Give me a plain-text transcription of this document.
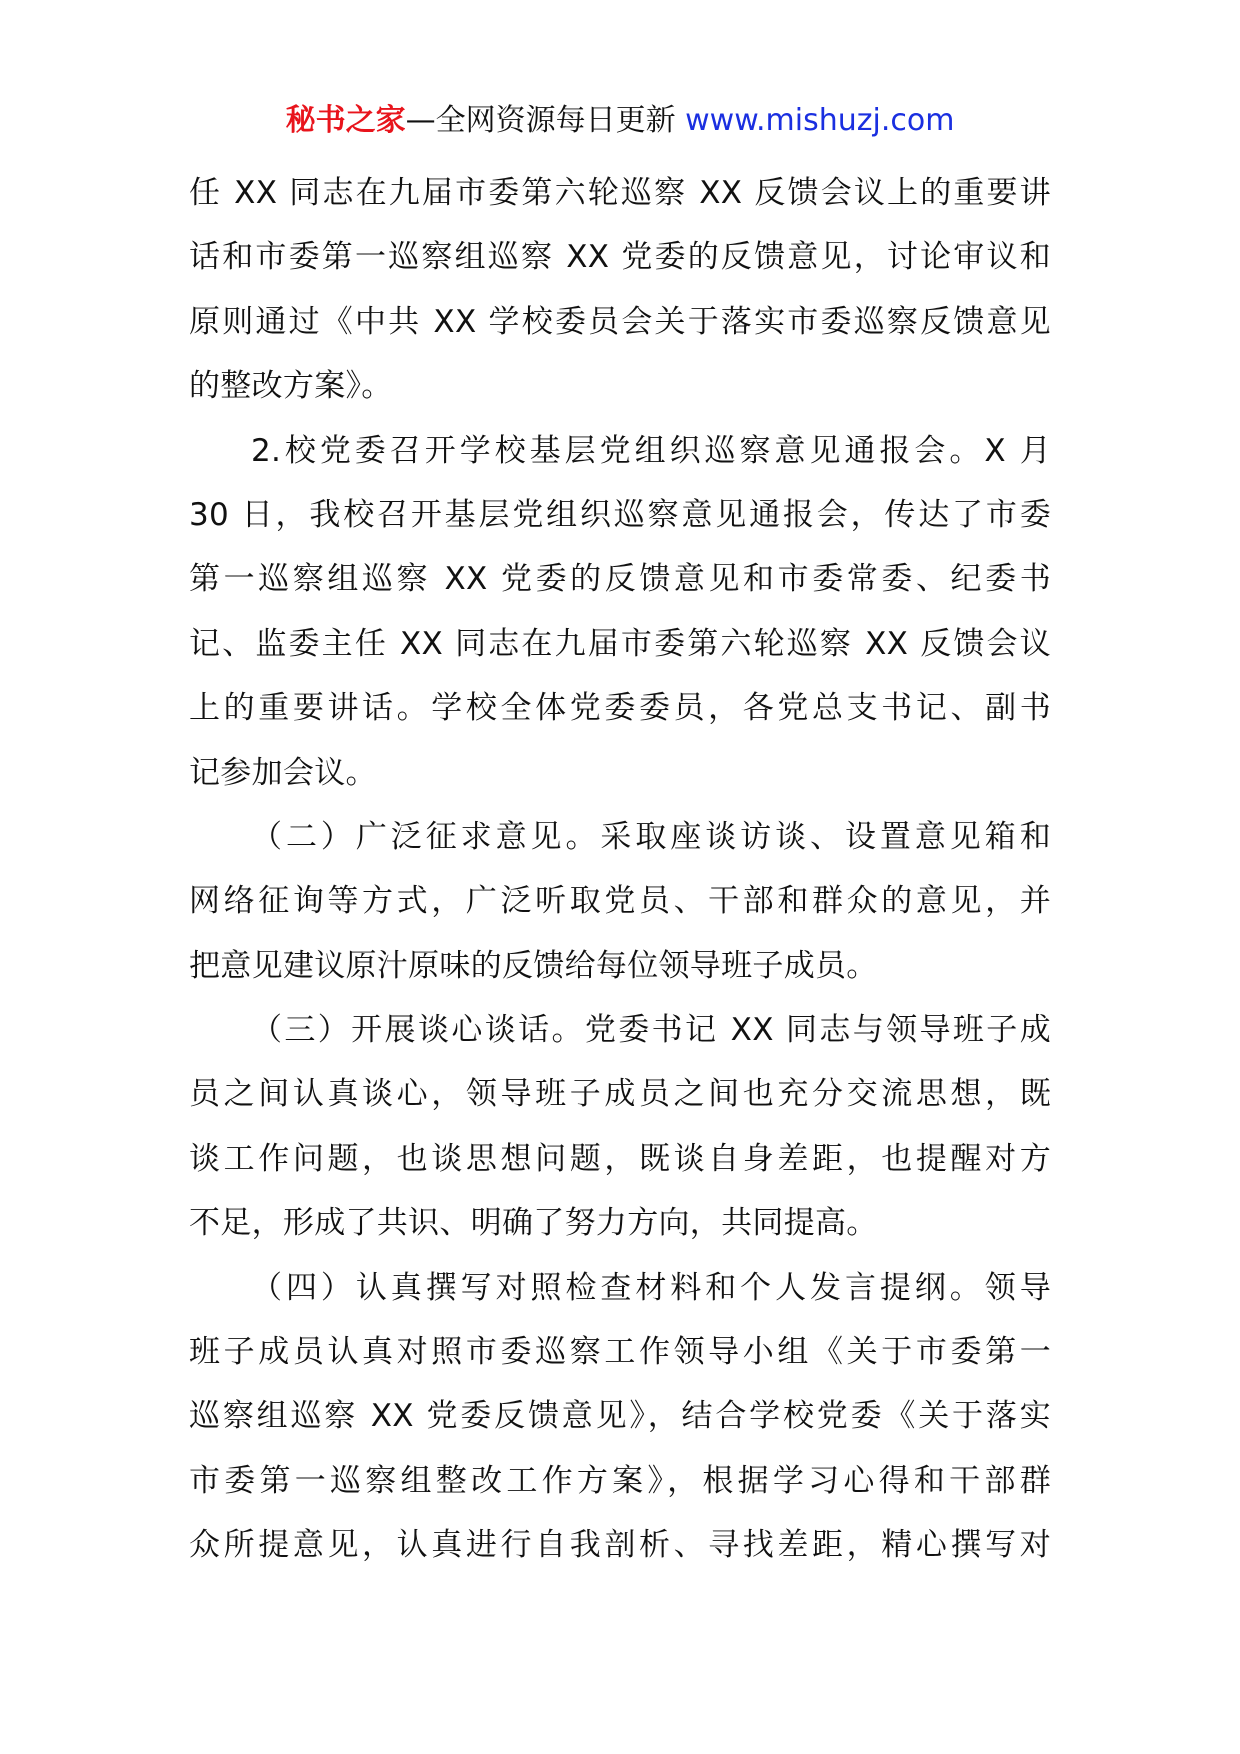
秘书之家—全网资源每日更新 www.mishuzj.com
任 XX 同志在九届市委第六轮巡察 XX 反馈会议上的重要讲
话和市委第一巡察组巡察 XX 党委的反馈意见，讨论审议和
原则通过《中共 XX 学校委员会关于落实市委巡察反馈意见
的整改方案》。
2.校党委召开学校基层党组织巡察意见通报会。X 月
30 日，我校召开基层党组织巡察意见通报会，传达了市委
第一巡察组巡察 XX 党委的反馈意见和市委常委、纪委书
记、监委主任 XX 同志在九届市委第六轮巡察 XX 反馈会议
上的重要讲话。学校全体党委委员，各党总支书记、副书
记参加会议。
（二）广泛征求意见。采取座谈访谈、设置意见箱和
网络征询等方式，广泛听取党员、干部和群众的意见，并
把意见建议原汁原味的反馈给每位领导班子成员。
（三）开展谈心谈话。党委书记 XX 同志与领导班子成
员之间认真谈心，领导班子成员之间也充分交流思想，既
谈工作问题，也谈思想问题，既谈自身差距，也提醒对方
不足，形成了共识、明确了努力方向，共同提高。
（四）认真撰写对照检查材料和个人发言提纲。领导
班子成员认真对照市委巡察工作领导小组《关于市委第一
巡察组巡察 XX 党委反馈意见》，结合学校党委《关于落实
市委第一巡察组整改工作方案》，根据学习心得和干部群
众所提意见，认真进行自我剖析、寻找差距，精心撰写对
